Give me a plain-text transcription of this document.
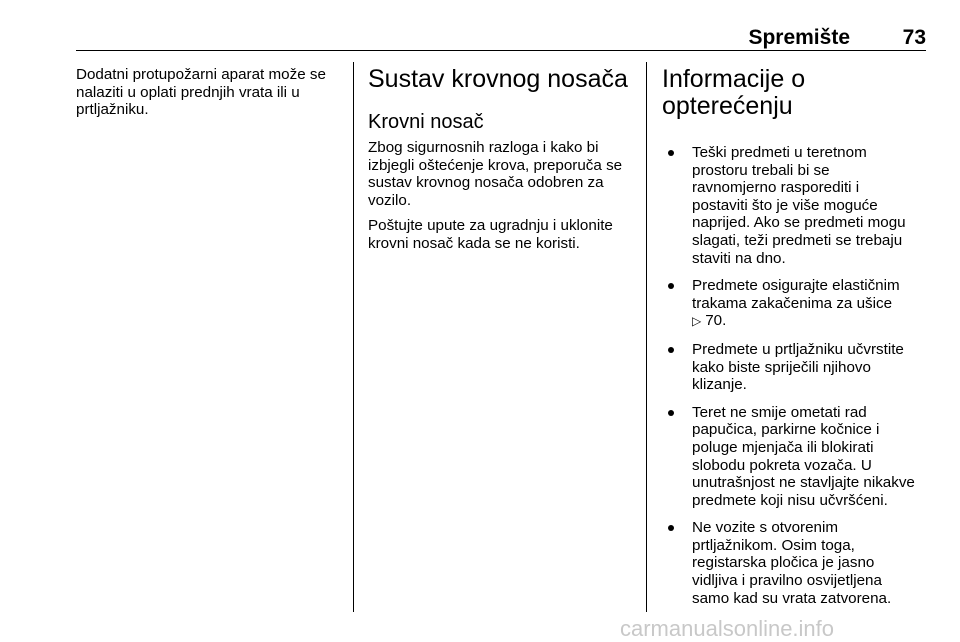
Spremište	73

Dodatni protupožarni aparat može se
nalaziti u oplati prednjih vrata ili u
prtljažniku.

Sustav krovnog nosača
Krovni nosač

Zbog sigurnosnih razloga i kako bi
izbjegli oštećenje krova, preporuča se
sustav krovnog nosača odobren za
vozilo.

Poštujte upute za ugradnju i uklonite
krovni nosač kada se ne koristi.

Informacije o
opterećenju
Teški predmeti u teretnom
prostoru trebali bi se
ravnomjerno rasporediti i
postaviti što je više moguće
naprijed. Ako se predmeti mogu
slagati, teži predmeti se trebaju
staviti na dno.
Predmete osigurajte elastičnim
trakama zakačenima za ušice
▷ 70.
Predmete u prtljažniku učvrstite
kako biste spriječili njihovo
klizanje.
Teret ne smije ometati rad
papučica, parkirne kočnice i
poluge mjenjača ili blokirati
slobodu pokreta vozača. U
unutrašnjost ne stavljajte nikakve
predmete koji nisu učvršćeni.
Ne vozite s otvorenim
prtljažnikom. Osim toga,
registarska pločica je jasno
vidljiva i pravilno osvijetljena
samo kad su vrata zatvorena.
carmanualsonline.info
